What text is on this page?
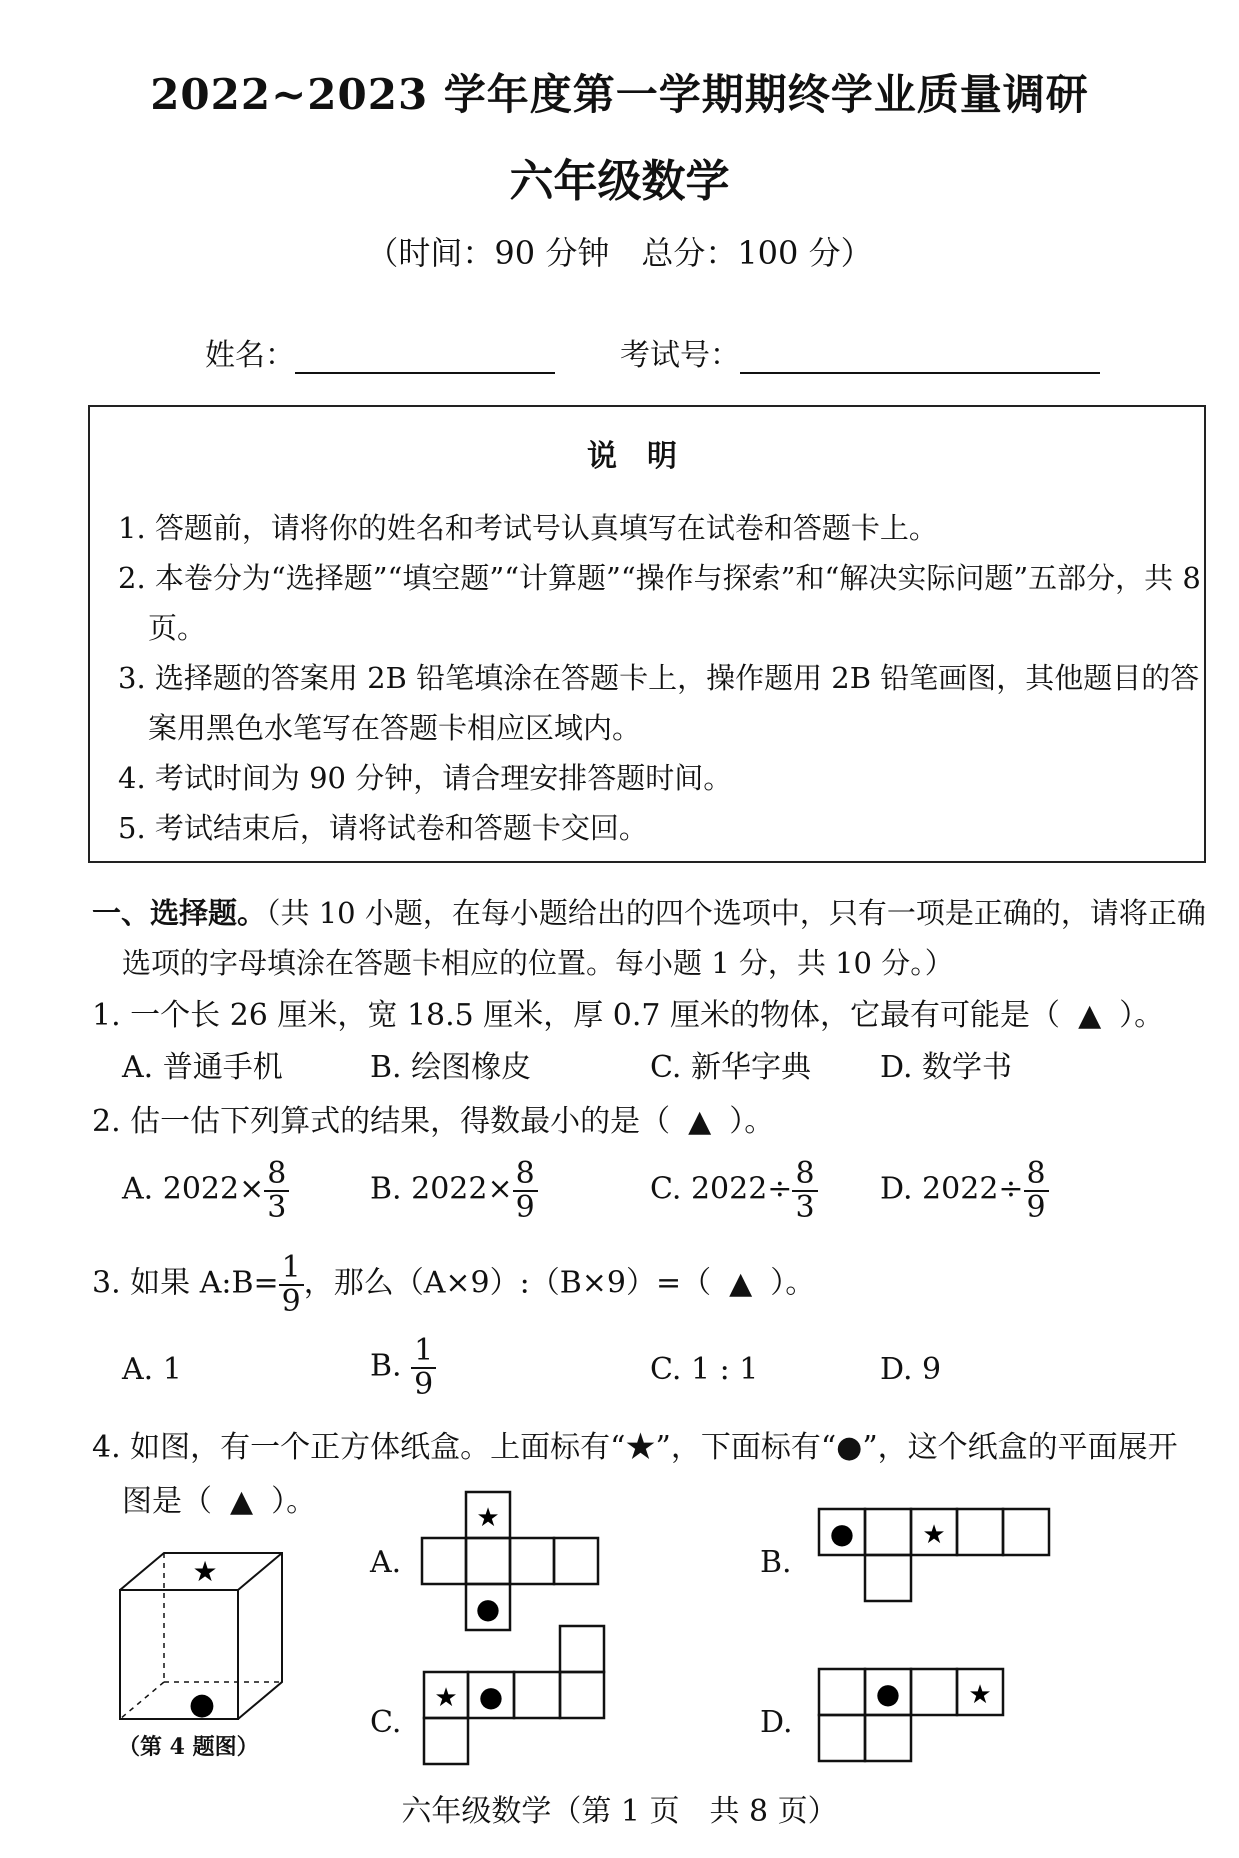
2022~2023 学年度第一学期期终学业质量调研
六年级数学
（时间：90 分钟　总分：100 分）
姓名：	考试号：
说明
1. 答题前，请将你的姓名和考试号认真填写在试卷和答题卡上。
2. 本卷分为“选择题”“填空题”“计算题”“操作与探索”和“解决实际问题”五部分，共 8 页。
3. 选择题的答案用 2B 铅笔填涂在答题卡上，操作题用 2B 铅笔画图，其他题目的答案用黑色水笔写在答题卡相应区域内。
4. 考试时间为 90 分钟，请合理安排答题时间。
5. 考试结束后，请将试卷和答题卡交回。
一、选择题。（共 10 小题，在每小题给出的四个选项中，只有一项是正确的，请将正确选项的字母填涂在答题卡相应的位置。每小题 1 分，共 10 分。）
1. 一个长 26 厘米，宽 18.5 厘米，厚 0.7 厘米的物体，它最有可能是（ ▲ ）。
A. 普通手机	B. 绘图橡皮	C. 新华字典 D. 数学书
2. 估一估下列算式的结果，得数最小的是（ ▲ ）。
A. $2022\times \frac{8}{3}$	B. $2022\times \frac{8}{9}$	C. $2022\div \frac{8}{3} D$. $2022\div \frac{8}{9}$
3. 如果 A:B= $\frac{1}{9}$ ，那么（A×9）:（B×9）=（ ▲ ）。
A. 1	B. $\frac{1}{9}$	C. 1 : 1	D. 9
4. 如图，有一个正方体纸盒。上面标有“★”，下面标有“●”，这个纸盒的平面展开
图是（ ▲ ）。
★
●
（第 4 题图）
A.
★
●
B.
●	★
C.
★ ●
D.
●	★
六年级数学（第 1 页　共 8 页）
